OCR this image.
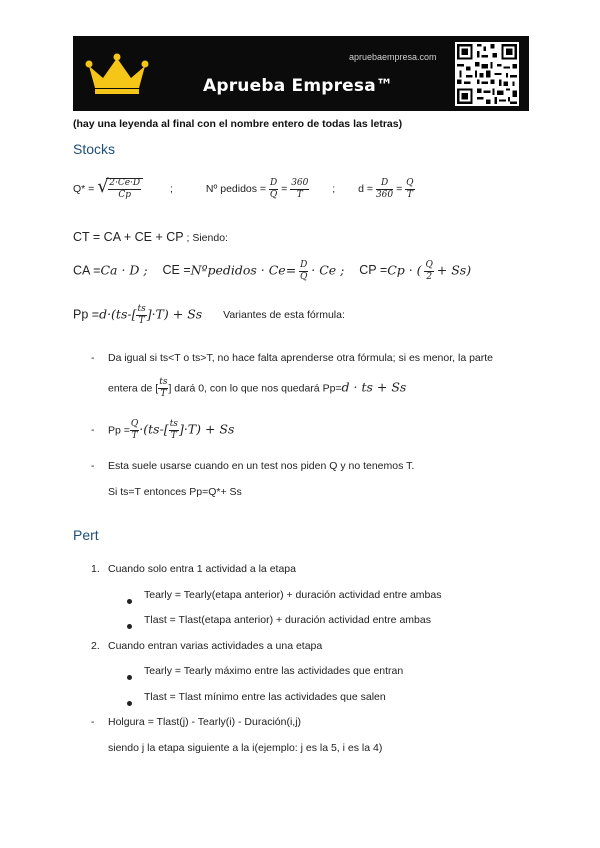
apruebaempresa.com
Aprueba Empresa™
(hay una leyenda al final con el nombre entero de todas las letras)
Stocks
Q* = √ $\frac{2\cdot Ce\cdot D}{Cp}$	;	Nº pedidos = $\frac{D}{Q} = \frac{360}{T}$ ; $d = \frac{D}{360} = \frac{Q}{T}$
CT = CA + CE + CP ; Siendo:
CA =Ca · D ; CE =Nºpedidos · $Ce= \frac{D}{Q} \cdot Ce$ ; CP =Cp · ( $\frac{Q}{2} + Ss$)
$Pp =d\cdot(ts-[ \frac{ts}{T} ]\cdot T) + Ss$ Variantes de esta fórmula:
- Da igual si ts<T o ts>T, no hace falta aprenderse otra fórmula; si es menor, la parte
entera de [ $\frac{ts}{T}$ ] dará 0, con lo que nos quedará Pp=d · ts + Ss
- $Pp = \frac{Q}{T} \cdot(ts-[ \frac{ts}{T} ]\cdot T) + Ss$
- Esta suele usarse cuando en un test nos piden Q y no tenemos T.
Si ts=T entonces Pp=Q*+ Ss
Pert
1. Cuando solo entra 1 actividad a la etapa
Tearly = Tearly(etapa anterior) + duración actividad entre ambas
Tlast = Tlast(etapa anterior) + duración actividad entre ambas
2. Cuando entran varias actividades a una etapa
Tearly = Tearly máximo entre las actividades que entran
Tlast = Tlast mínimo entre las actividades que salen
- Holgura = Tlast(j) - Tearly(i) - Duración(i,j)
siendo j la etapa siguiente a la i(ejemplo: j es la 5, i es la 4)
